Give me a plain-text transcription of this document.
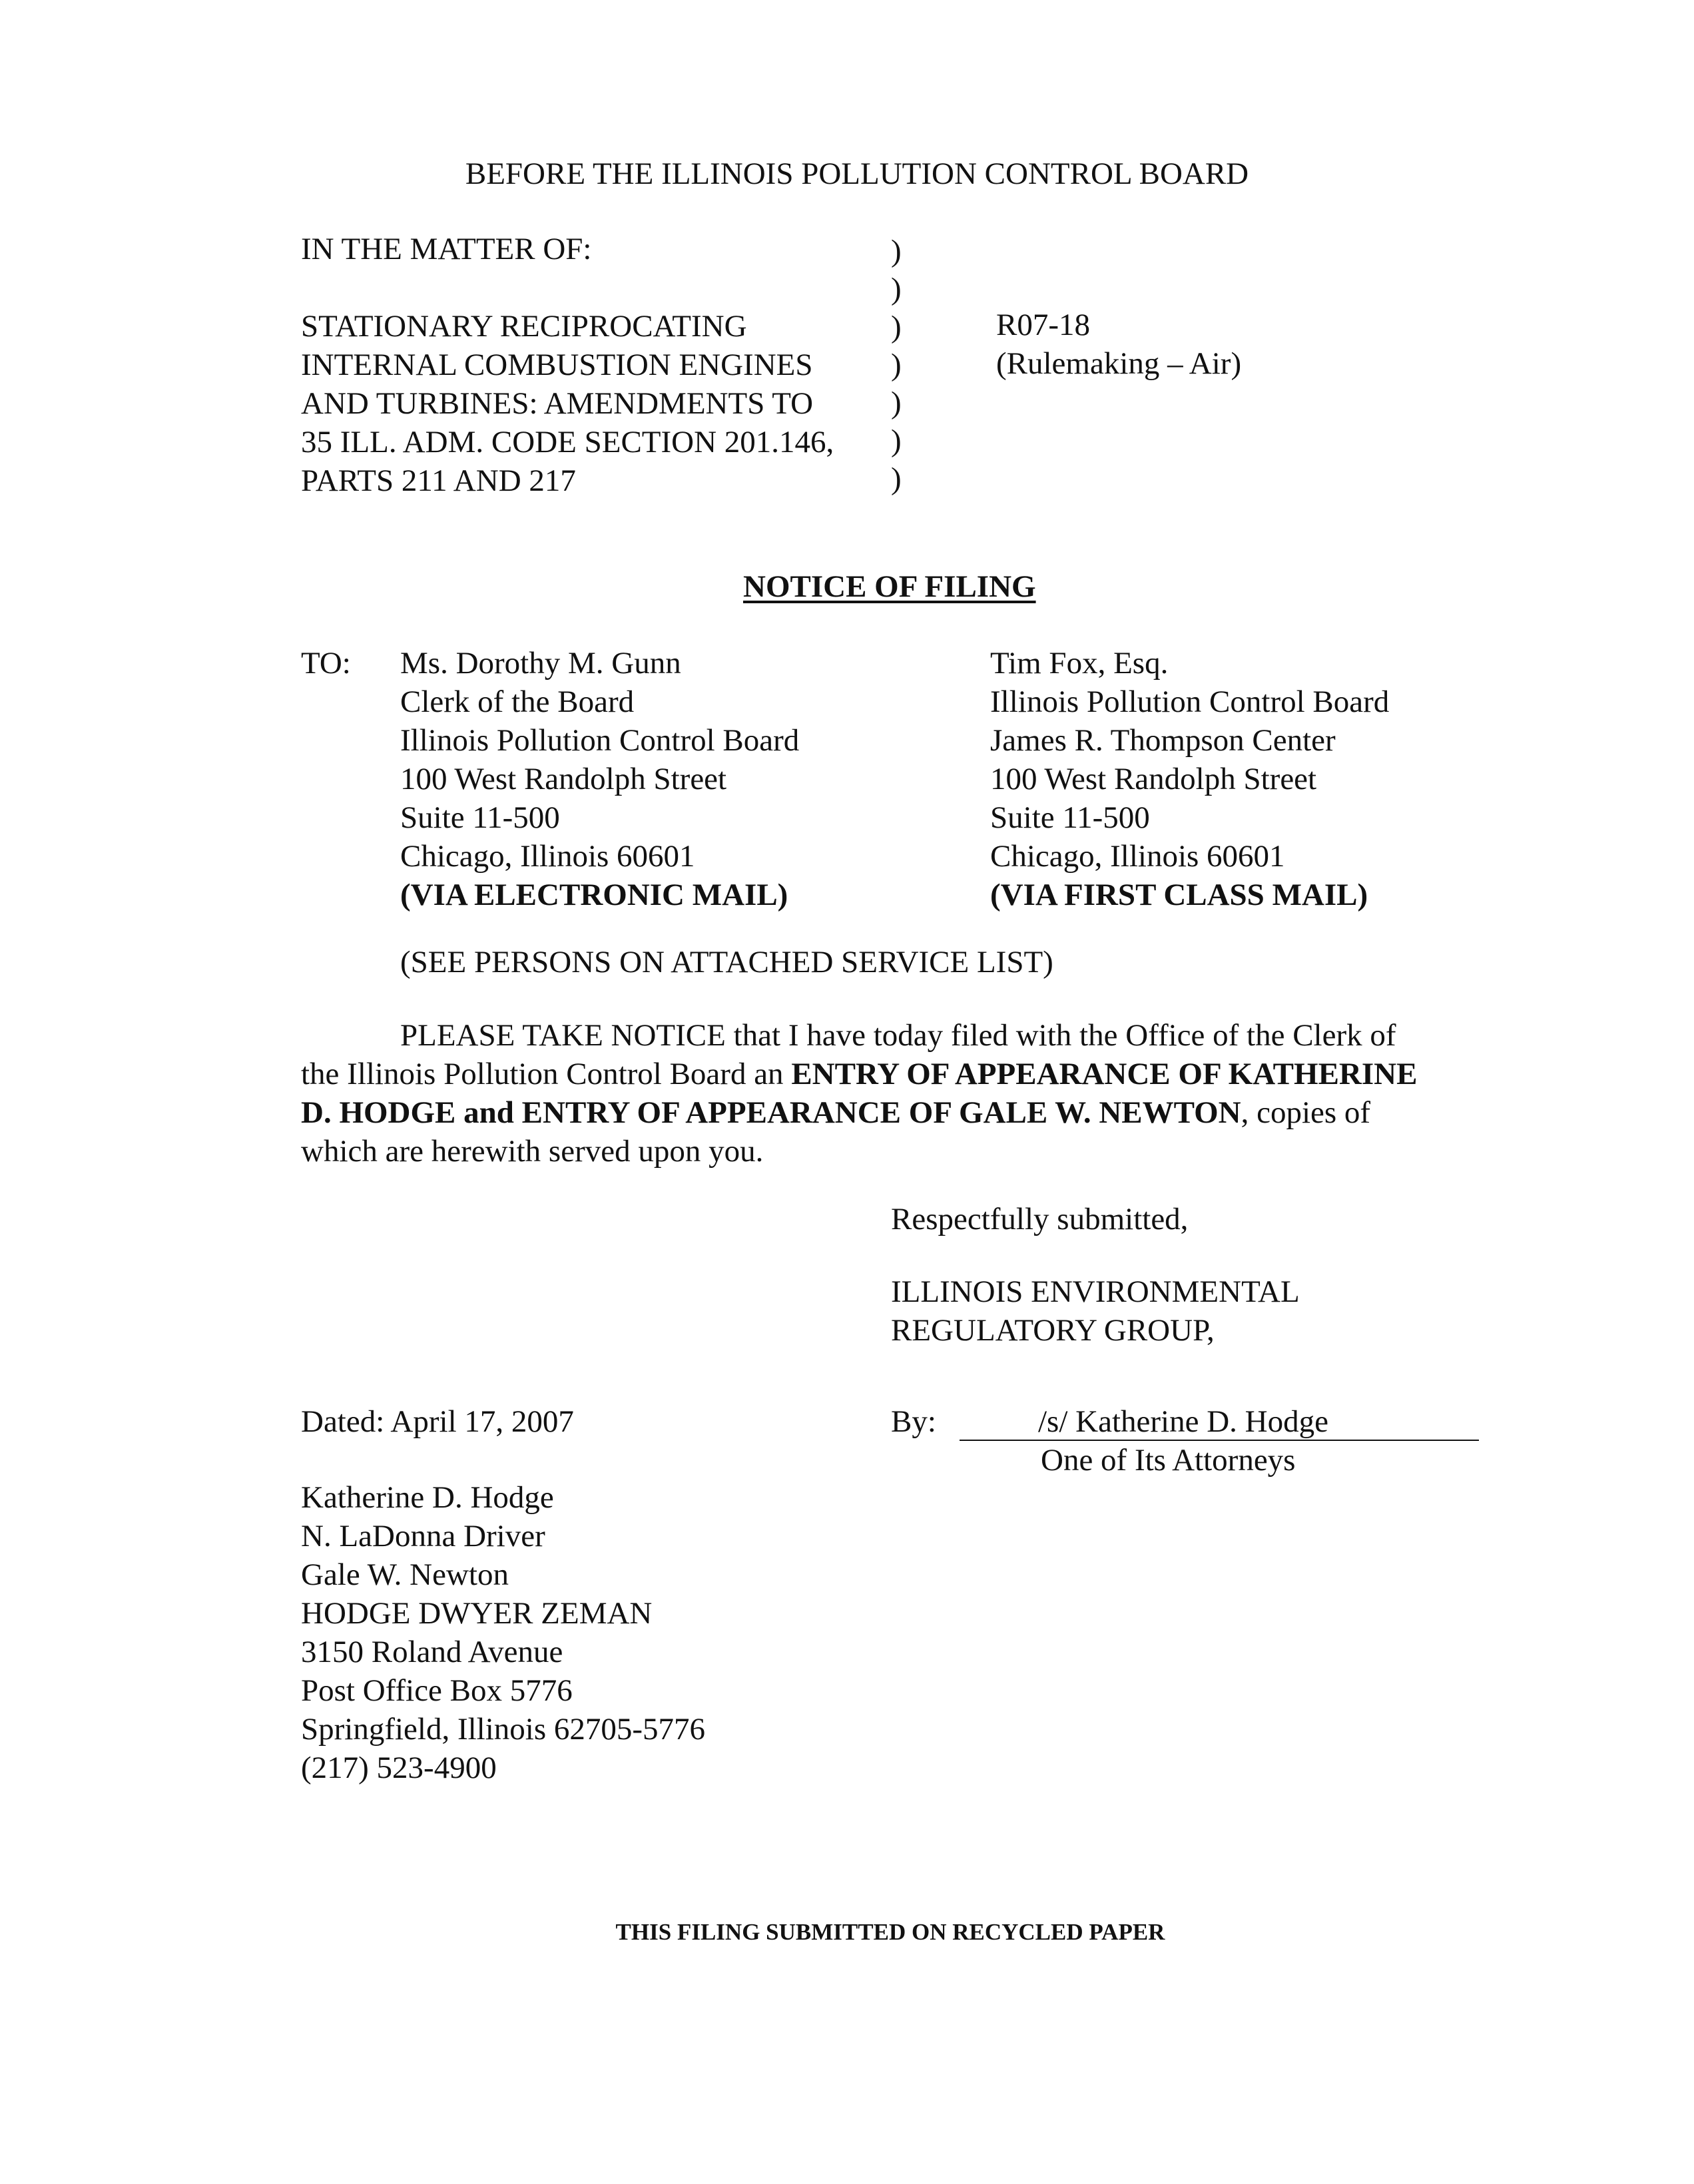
BEFORE THE ILLINOIS POLLUTION CONTROL BOARD
IN THE MATTER OF:

STATIONARY RECIPROCATING
INTERNAL COMBUSTION ENGINES
AND TURBINES: AMENDMENTS TO
35 ILL. ADM. CODE SECTION 201.146,
PARTS 211 AND 217
)
)
)
)
)
)
)
R07-18
(Rulemaking – Air)
NOTICE OF FILING
TO: Ms. Dorothy M. Gunn
Clerk of the Board
Illinois Pollution Control Board
100 West Randolph Street
Suite 11-500
Chicago, Illinois 60601
(VIA ELECTRONIC MAIL)
Tim Fox, Esq.
Illinois Pollution Control Board
James R. Thompson Center
100 West Randolph Street
Suite 11-500
Chicago, Illinois 60601
(VIA FIRST CLASS MAIL)
(SEE PERSONS ON ATTACHED SERVICE LIST)
PLEASE TAKE NOTICE that I have today filed with the Office of the Clerk of
the Illinois Pollution Control Board an ENTRY OF APPEARANCE OF KATHERINE
D. HODGE and ENTRY OF APPEARANCE OF GALE W. NEWTON, copies of
which are herewith served upon you.
Respectfully submitted,
ILLINOIS ENVIRONMENTAL
REGULATORY GROUP,
Dated: April 17, 2007	By:	/s/ Katherine D. Hodge
One of Its Attorneys
Katherine D. Hodge
N. LaDonna Driver
Gale W. Newton
HODGE DWYER ZEMAN
3150 Roland Avenue
Post Office Box 5776
Springfield, Illinois 62705-5776
(217) 523-4900
THIS FILING SUBMITTED ON RECYCLED PAPER
